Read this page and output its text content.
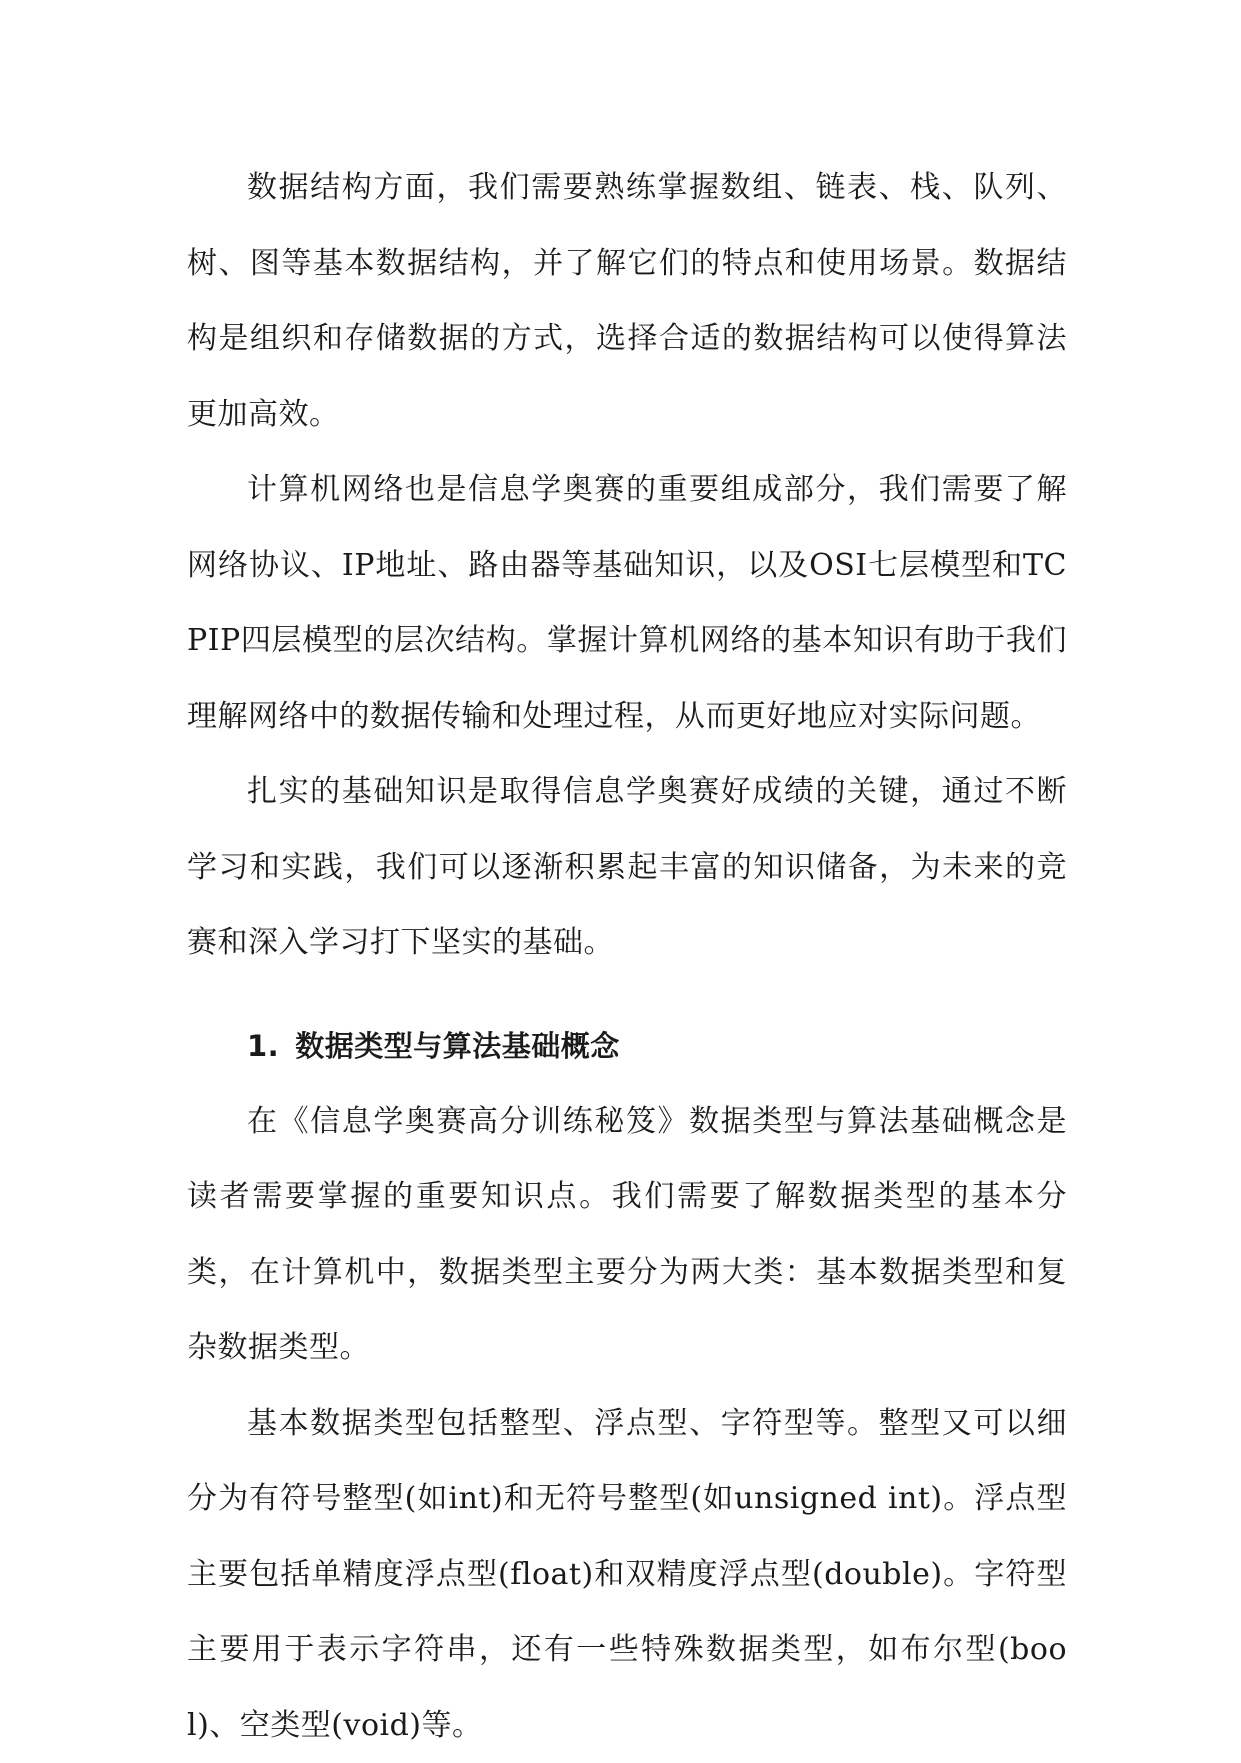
数据结构方面，我们需要熟练掌握数组、链表、栈、队列、树、图等基本数据结构，并了解它们的特点和使用场景。数据结构是组织和存储数据的方式，选择合适的数据结构可以使得算法更加高效。

计算机网络也是信息学奥赛的重要组成部分，我们需要了解网络协议、IP地址、路由器等基础知识，以及OSI七层模型和TCPIP四层模型的层次结构。掌握计算机网络的基本知识有助于我们理解网络中的数据传输和处理过程，从而更好地应对实际问题。

扎实的基础知识是取得信息学奥赛好成绩的关键，通过不断学习和实践，我们可以逐渐积累起丰富的知识储备，为未来的竞赛和深入学习打下坚实的基础。

1. 数据类型与算法基础概念

在《信息学奥赛高分训练秘笈》数据类型与算法基础概念是读者需要掌握的重要知识点。我们需要了解数据类型的基本分类，在计算机中，数据类型主要分为两大类：基本数据类型和复杂数据类型。

基本数据类型包括整型、浮点型、字符型等。整型又可以细分为有符号整型(如int)和无符号整型(如unsigned int)。浮点型主要包括单精度浮点型(float)和双精度浮点型(double)。字符型主要用于表示字符串，还有一些特殊数据类型，如布尔型(bool)、空类型(void)等。
